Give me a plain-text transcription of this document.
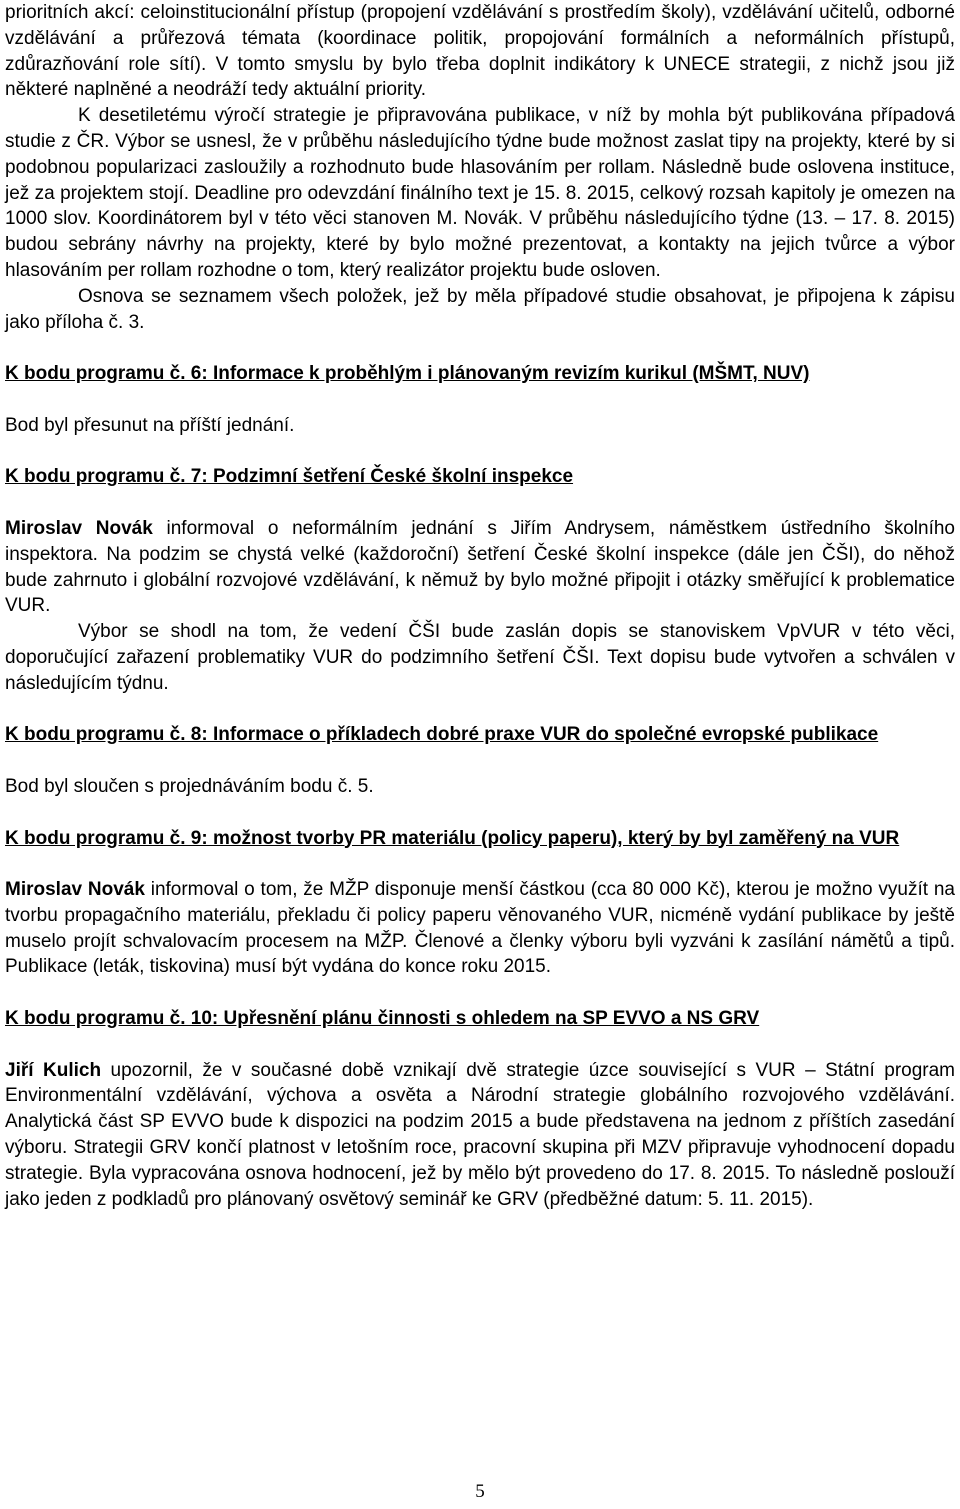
prioritních akcí: celoinstitucionální přístup (propojení vzdělávání s prostředím školy), vzdělávání učitelů, odborné vzdělávání a průřezová témata (koordinace politik, propojování formálních a neformálních přístupů, zdůrazňování role sítí). V tomto smyslu by bylo třeba doplnit indikátory k UNECE strategii, z nichž jsou již některé naplněné a neodráží tedy aktuální priority.

K desetiletému výročí strategie je připravována publikace, v níž by mohla být publikována případová studie z ČR. Výbor se usnesl, že v průběhu následujícího týdne bude možnost zaslat tipy na projekty, které by si podobnou popularizaci zasloužily a rozhodnuto bude hlasováním per rollam. Následně bude oslovena instituce, jež za projektem stojí. Deadline pro odevzdání finálního text je 15. 8. 2015, celkový rozsah kapitoly je omezen na 1000 slov. Koordinátorem byl v této věci stanoven M. Novák. V průběhu následujícího týdne (13. – 17. 8. 2015) budou sebrány návrhy na projekty, které by bylo možné prezentovat, a kontakty na jejich tvůrce a výbor hlasováním per rollam rozhodne o tom, který realizátor projektu bude osloven.

Osnova se seznamem všech položek, jež by měla případové studie obsahovat, je připojena k zápisu jako příloha č. 3.

K bodu programu č. 6: Informace k proběhlým i plánovaným revizím kurikul (MŠMT, NUV)

Bod byl přesunut na příští jednání.

K bodu programu č. 7: Podzimní šetření České školní inspekce

Miroslav Novák informoval o neformálním jednání s Jiřím Andrysem, náměstkem ústředního školního inspektora. Na podzim se chystá velké (každoroční) šetření České školní inspekce (dále jen ČŠI), do něhož bude zahrnuto i globální rozvojové vzdělávání, k němuž by bylo možné připojit i otázky směřující k problematice VUR.

Výbor se shodl na tom, že vedení ČŠI bude zaslán dopis se stanoviskem VpVUR v této věci, doporučující zařazení problematiky VUR do podzimního šetření ČŠI. Text dopisu bude vytvořen a schválen v následujícím týdnu.

K bodu programu č. 8: Informace o příkladech dobré praxe VUR do společné evropské publikace

Bod byl sloučen s projednáváním bodu č. 5.

K bodu programu č. 9: možnost tvorby PR materiálu (policy paperu), který by byl zaměřený na VUR

Miroslav Novák informoval o tom, že MŽP disponuje menší částkou (cca 80 000 Kč), kterou je možno využít na tvorbu propagačního materiálu, překladu či policy paperu věnovaného VUR, nicméně vydání publikace by ještě muselo projít schvalovacím procesem na MŽP. Členové a členky výboru byli vyzváni k zasílání námětů a tipů. Publikace (leták, tiskovina) musí být vydána do konce roku 2015.

K bodu programu č. 10: Upřesnění plánu činnosti s ohledem na SP EVVO a NS GRV

Jiří Kulich upozornil, že v současné době vznikají dvě strategie úzce související s VUR – Státní program Environmentální vzdělávání, výchova a osvěta a Národní strategie globálního rozvojového vzdělávání. Analytická část SP EVVO bude k dispozici na podzim 2015 a bude představena na jednom z příštích zasedání výboru. Strategii GRV končí platnost v letošním roce, pracovní skupina při MZV připravuje vyhodnocení dopadu strategie. Byla vypracována osnova hodnocení, jež by mělo být provedeno do 17. 8. 2015. To následně poslouží jako jeden z podkladů pro plánovaný osvětový seminář ke GRV (předběžné datum: 5. 11. 2015).

5
